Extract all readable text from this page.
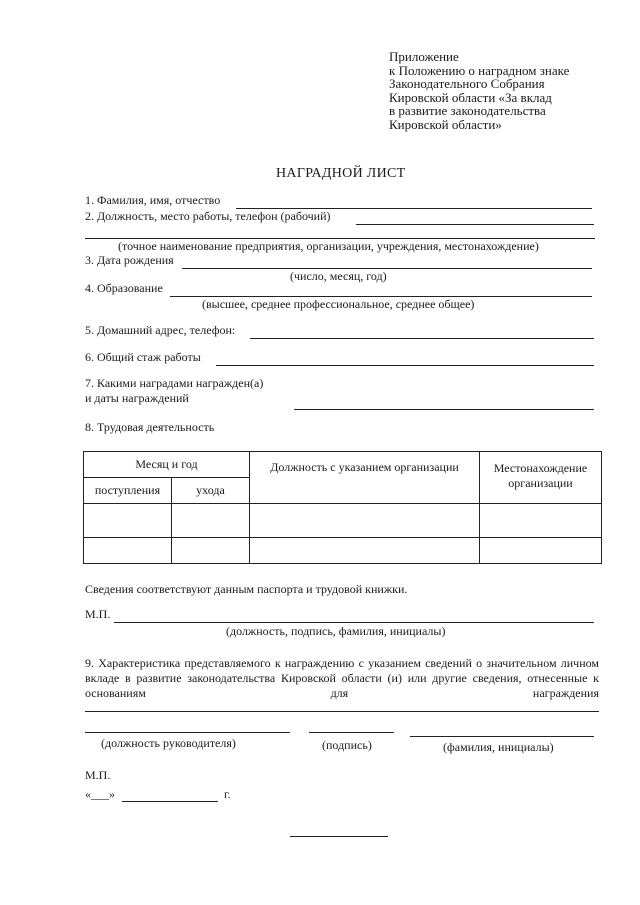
Приложение
к Положению о наградном знаке
Законодательного Собрания
Кировской области «За вклад
в развитие законодательства
Кировской области»
НАГРАДНОЙ ЛИСТ
1. Фамилия, имя, отчество
2. Должность, место работы, телефон (рабочий)
(точное наименование предприятия, организации, учреждения, местонахождение)
3. Дата рождения
(число, месяц, год)
4. Образование
(высшее, среднее профессиональное, среднее общее)
5. Домашний адрес, телефон:
6. Общий стаж работы
7. Какими наградами награжден(а)
и даты награждений
8. Трудовая деятельность
Месяц и год		Должность с указанием организации	Местонахождение организации
поступления	ухода		

Сведения соответствуют данным паспорта и трудовой книжки.
М.П.
(должность, подпись, фамилия, инициалы)
9. Характеристика представляемого к награждению с указанием сведений о значительном личном вкладе в развитие законодательства Кировской области (и) или другие сведения, отнесенные к основаниям для награждения
(должность руководителя)	(подпись)	(фамилия, инициалы)
М.П.
«___»	г.
